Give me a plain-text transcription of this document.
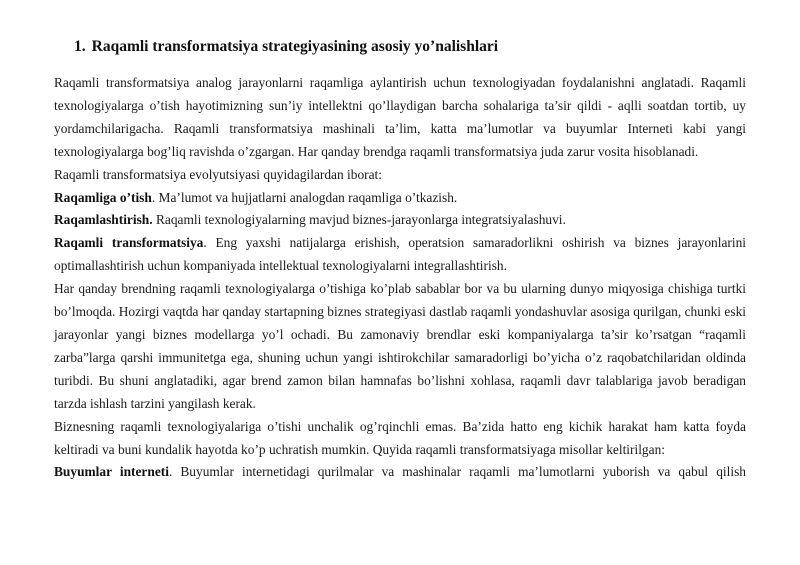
1. Raqamli transformatsiya strategiyasining asosiy yo’nalishlari

Raqamli transformatsiya analog jarayonlarni raqamliga aylantirish uchun texnologiyadan foydalanishni anglatadi. Raqamli texnologiyalarga o’tish hayotimizning sun’iy intellektni qo’llaydigan barcha sohalariga ta’sir qildi - aqlli soatdan tortib, uy yordamchilarigacha. Raqamli transformatsiya mashinali ta’lim, katta ma’lumotlar va buyumlar Interneti kabi yangi texnologiyalarga bog’liq ravishda o’zgargan. Har qanday brendga raqamli transformatsiya juda zarur vosita hisoblanadi.

Raqamli transformatsiya evolyutsiyasi quyidagilardan iborat:

Raqamliga o’tish. Ma’lumot va hujjatlarni analogdan raqamliga o’tkazish.

Raqamlashtirish. Raqamli texnologiyalarning mavjud biznes-jarayonlarga integratsiyalashuvi.

Raqamli transformatsiya. Eng yaxshi natijalarga erishish, operatsion samaradorlikni oshirish va biznes jarayonlarini optimallashtirish uchun kompaniyada intellektual texnologiyalarni integrallashtirish.

Har qanday brendning raqamli texnologiyalarga o’tishiga ko’plab sabablar bor va bu ularning dunyo miqyosiga chishiga turtki bo’lmoqda. Hozirgi vaqtda har qanday startapning biznes strategiyasi dastlab raqamli yondashuvlar asosiga qurilgan, chunki eski jarayonlar yangi biznes modellarga yo’l ochadi. Bu zamonaviy brendlar eski kompaniyalarga ta’sir ko’rsatgan “raqamli zarba”larga qarshi immunitetga ega, shuning uchun yangi ishtirokchilar samaradorligi bo’yicha o’z raqobatchilaridan oldinda turibdi. Bu shuni anglatadiki, agar brend zamon bilan hamnafas bo’lishni xohlasa, raqamli davr talablariga javob beradigan tarzda ishlash tarzini yangilash kerak.

Biznesning raqamli texnologiyalariga o’tishi unchalik og’rqinchli emas. Ba’zida hatto eng kichik harakat ham katta foyda keltiradi va buni kundalik hayotda ko’p uchratish mumkin. Quyida raqamli transformatsiyaga misollar keltirilgan:

Buyumlar interneti. Buyumlar internetidagi qurilmalar va mashinalar raqamli ma’lumotlarni yuborish va qabul qilish
